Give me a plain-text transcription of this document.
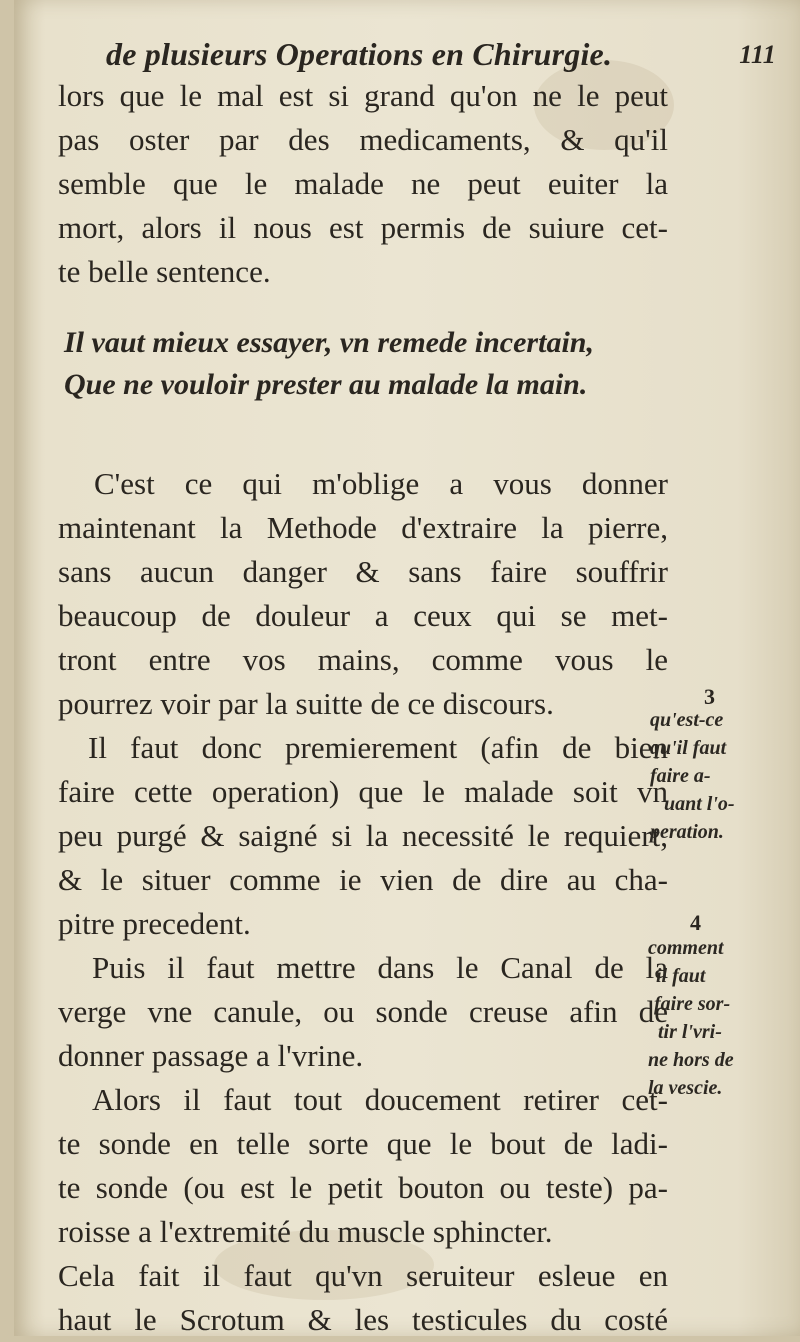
de plusieurs Operations en Chirurgie.	111
lors que le mal est si grand qu'on ne le peut
pas oster par des medicaments, & qu'il
semble que le malade ne peut euiter la
mort, alors il nous est permis de suiure cet-
te belle sentence.
Il vaut mieux essayer, vn remede incertain,
Que ne vouloir prester au malade la main.
C'est ce qui m'oblige a vous donner
maintenant la Methode d'extraire la pierre,
sans aucun danger & sans faire souffrir
beaucoup de douleur a ceux qui se met-
tront entre vos mains, comme vous le
pourrez voir par la suitte de ce discours.
Il faut donc premierement (afin de bien
faire cette operation) que le malade soit vn
peu purgé & saigné si la necessité le requiert,
& le situer comme ie vien de dire au cha-
pitre precedent.
Puis il faut mettre dans le Canal de la
verge vne canule, ou sonde creuse afin de
donner passage a l'vrine.
Alors il faut tout doucement retirer cet-
te sonde en telle sorte que le bout de ladi-
te sonde (ou est le petit bouton ou teste) pa-
roisse a l'extremité du muscle sphincter.
Cela fait il faut qu'vn seruiteur esleue en
haut le Scrotum & les testicules du costé
3
qu'est-ce
qu'il faut
faire a-
uant l'o-
peration.
4
comment
il faut
faire sor-
tir l'vri-
ne hors de
la vescie.
